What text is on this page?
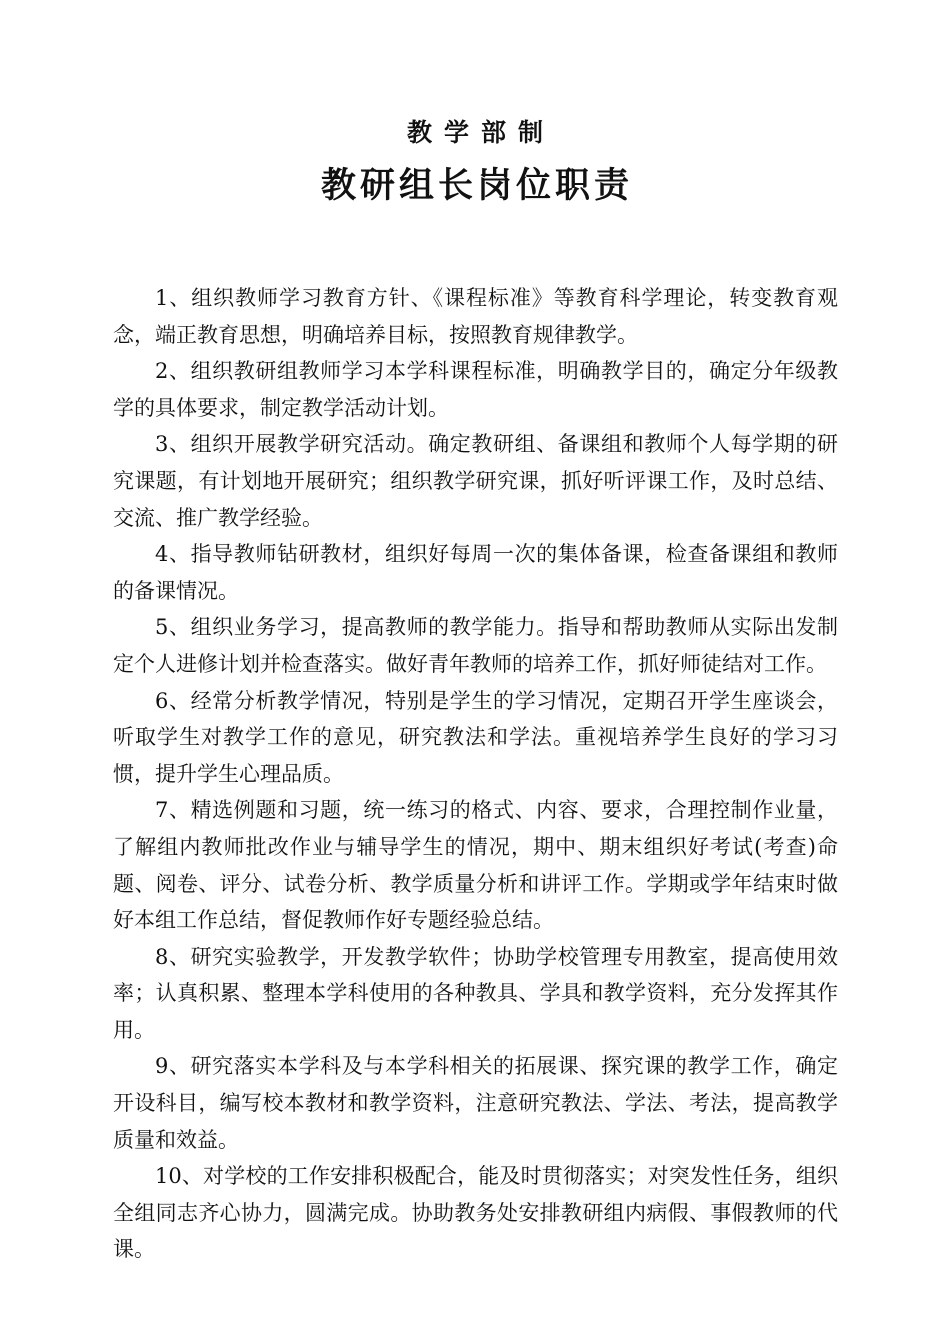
教学部制
教研组长岗位职责

1、组织教师学习教育方针、《课程标准》等教育科学理论，转变教育观念，端正教育思想，明确培养目标，按照教育规律教学。

2、组织教研组教师学习本学科课程标准，明确教学目的，确定分年级教学的具体要求，制定教学活动计划。

3、组织开展教学研究活动。确定教研组、备课组和教师个人每学期的研究课题，有计划地开展研究；组织教学研究课，抓好听评课工作，及时总结、交流、推广教学经验。

4、指导教师钻研教材，组织好每周一次的集体备课，检查备课组和教师的备课情况。

5、组织业务学习，提高教师的教学能力。指导和帮助教师从实际出发制定个人进修计划并检查落实。做好青年教师的培养工作，抓好师徒结对工作。

6、经常分析教学情况，特别是学生的学习情况，定期召开学生座谈会，听取学生对教学工作的意见，研究教法和学法。重视培养学生良好的学习习惯，提升学生心理品质。

7、精选例题和习题，统一练习的格式、内容、要求，合理控制作业量，了解组内教师批改作业与辅导学生的情况，期中、期末组织好考试(考查)命题、阅卷、评分、试卷分析、教学质量分析和讲评工作。学期或学年结束时做好本组工作总结，督促教师作好专题经验总结。

8、研究实验教学，开发教学软件；协助学校管理专用教室，提高使用效率；认真积累、整理本学科使用的各种教具、学具和教学资料，充分发挥其作用。

9、研究落实本学科及与本学科相关的拓展课、探究课的教学工作，确定开设科目，编写校本教材和教学资料，注意研究教法、学法、考法，提高教学质量和效益。

10、对学校的工作安排积极配合，能及时贯彻落实；对突发性任务，组织全组同志齐心协力，圆满完成。协助教务处安排教研组内病假、事假教师的代课。
